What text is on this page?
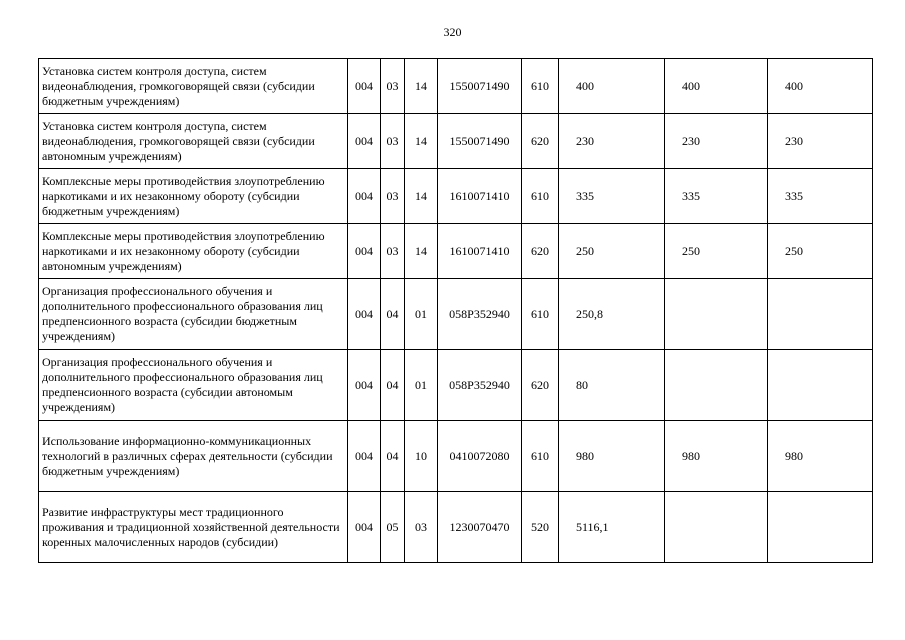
320
Установка систем контроля доступа, систем видеонаблюдения, громкоговорящей связи (субсидии бюджетным учреждениям)	004	03	14	1550071490	610	400	400	400
Установка систем контроля доступа, систем видеонаблюдения, громкоговорящей связи (субсидии автономным учреждениям)	004	03	14	1550071490	620	230	230	230
Комплексные меры противодействия злоупотреблению наркотиками и их незаконному обороту (субсидии бюджетным учреждениям)	004	03	14	1610071410	610	335	335	335
Комплексные меры противодействия злоупотреблению наркотиками и их незаконному обороту (субсидии автономным учреждениям)	004	03	14	1610071410	620	250	250	250
Организация профессионального обучения и дополнительного профессионального образования лиц предпенсионного возраста (субсидии бюджетным учреждениям)	004	04	01	058P352940	610	250,8		
Организация профессионального обучения и дополнительного профессионального образования лиц предпенсионного возраста (субсидии автономым учреждениям)	004	04	01	058P352940	620	80		
Использование информационно-коммуникационных технологий в различных сферах деятельности (субсидии бюджетным учреждениям)	004	04	10	0410072080	610	980	980	980
Развитие инфраструктуры мест традиционного проживания и традиционной хозяйственной деятельности коренных малочисленных народов (субсидии)	004	05	03	1230070470	520	5116,1		
